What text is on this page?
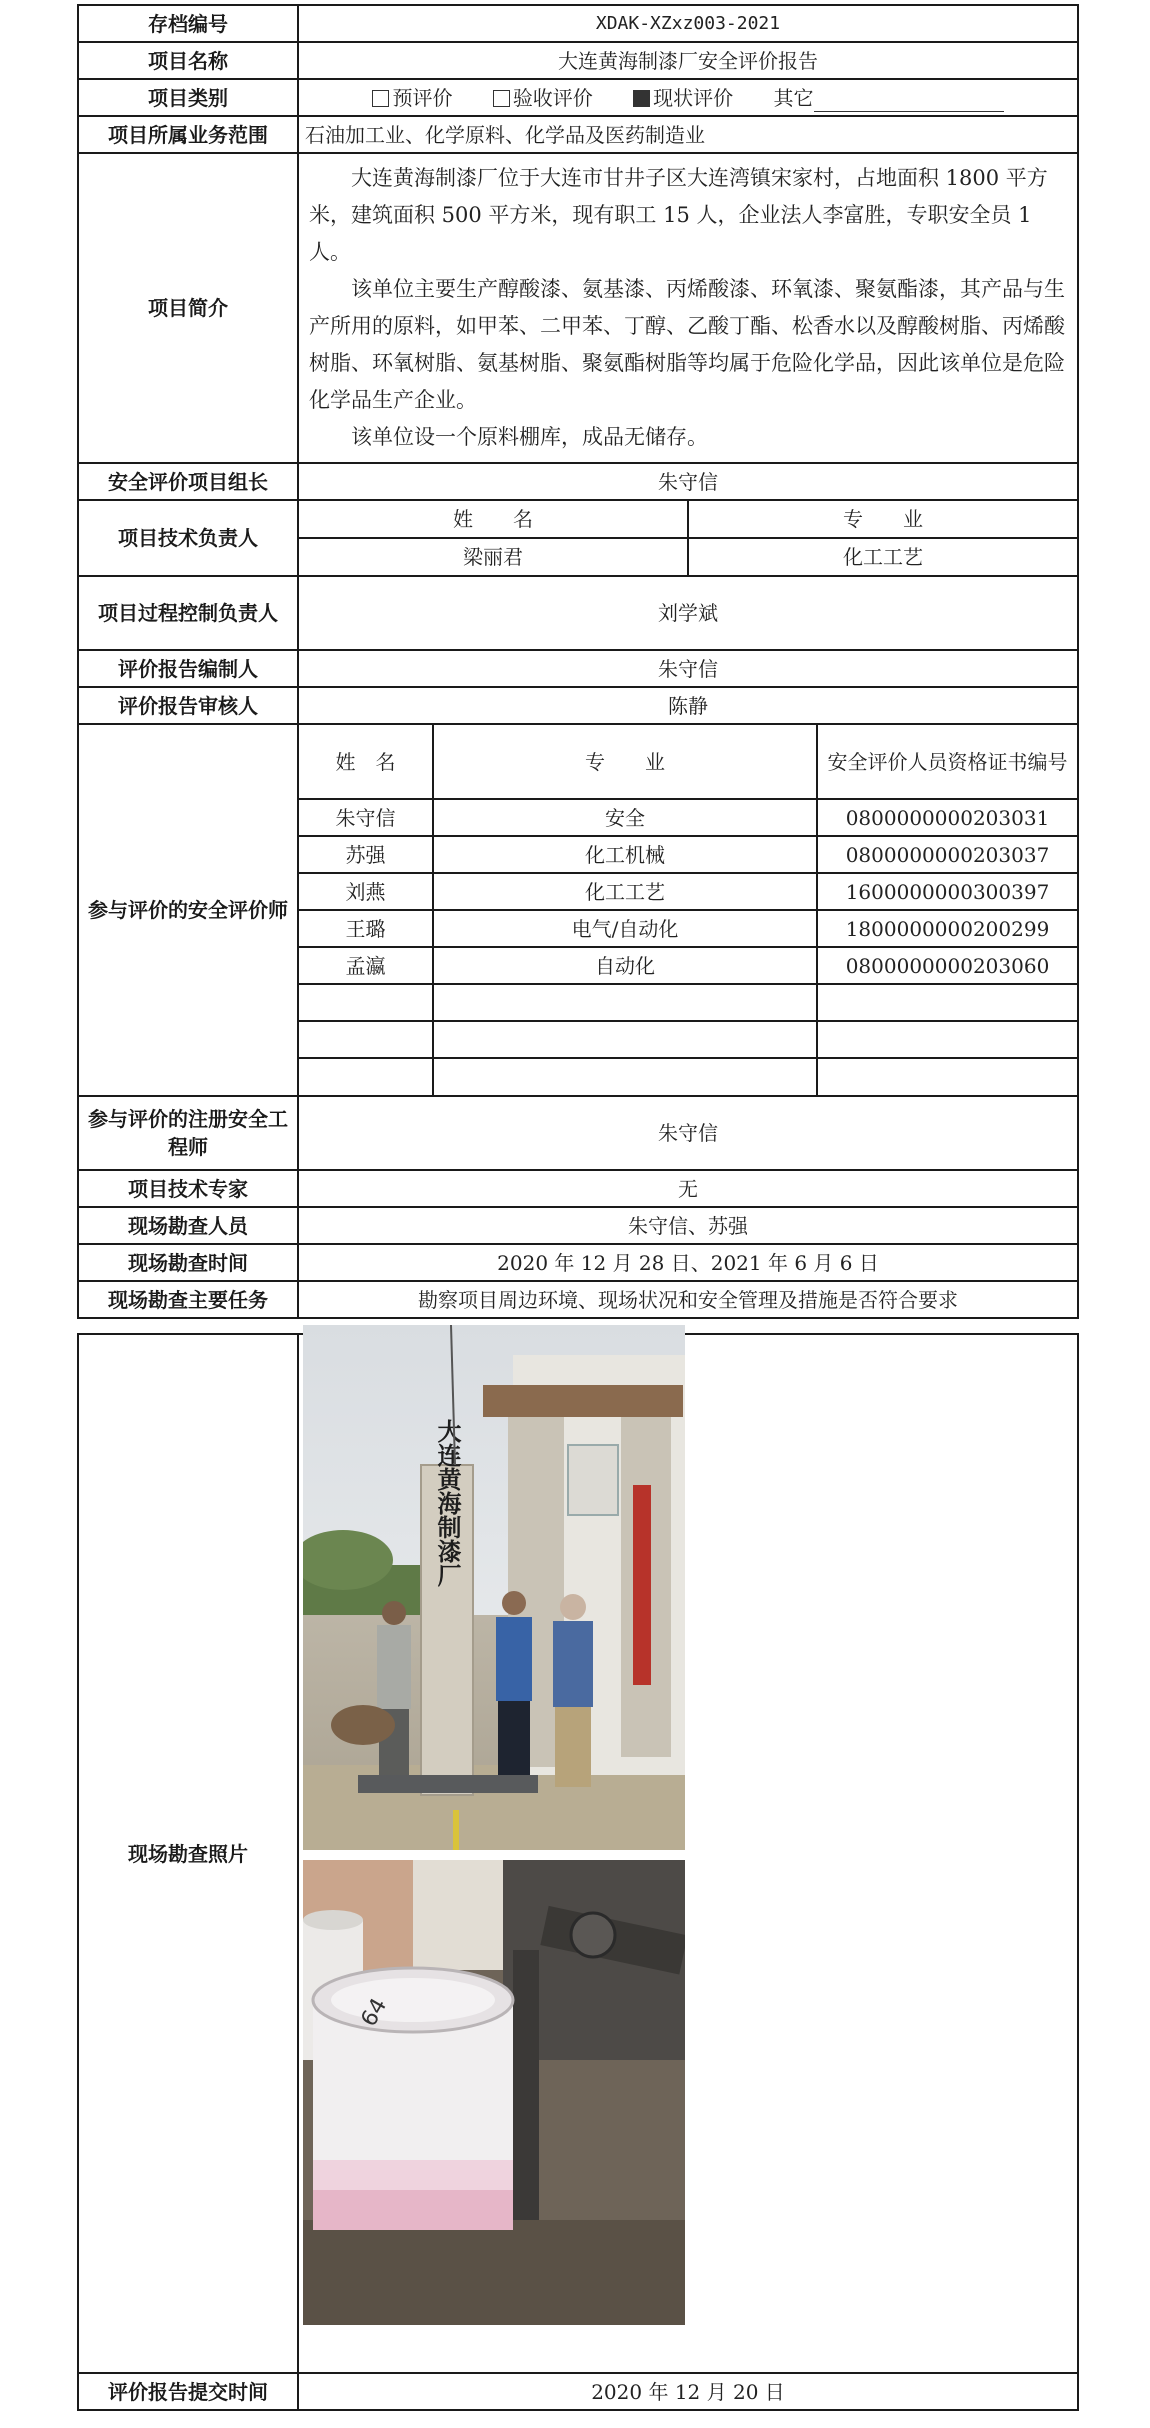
存档编号	XDAK-XZxz003-2021
项目名称	大连黄海制漆厂安全评价报告
项目类别	预评价	验收评价	现状评价 其它
项目所属业务范围	石油加工业、化学原料、化学品及医药制造业
项目简介	

大连黄海制漆厂位于大连市甘井子区大连湾镇宋家村，占地面积 1800 平方米，建筑面积 500 平方米，现有职工 15 人，企业法人李富胜，专职安全员 1 人。

该单位主要生产醇酸漆、氨基漆、丙烯酸漆、环氧漆、聚氨酯漆，其产品与生产所用的原料，如甲苯、二甲苯、丁醇、乙酸丁酯、松香水以及醇酸树脂、丙烯酸树脂、环氧树脂、氨基树脂、聚氨酯树脂等均属于危险化学品，因此该单位是危险化学品生产企业。

该单位设一个原料棚库，成品无储存。

安全评价项目组长	朱守信
项目技术负责人	
姓　　名	专　　业
梁丽君	化工工艺

项目过程控制负责人	刘学斌
评价报告编制人	朱守信
评价报告审核人	陈静
参与评价的安全评价师	
姓　名	专　　业	安全评价人员资格证书编号
朱守信	安全	0800000000203031
苏强	化工机械	0800000000203037
刘燕	化工工艺	1600000000300397
王璐	电气/自动化	1800000000200299
孟瀛	自动化	0800000000203060

参与评价的注册安全工程师	朱守信
项目技术专家	无
现场勘查人员	朱守信、苏强
现场勘查时间	2020 年 12 月 28 日、2021 年 6 月 6 日
现场勘查主要任务	勘察项目周边环境、现场状况和安全管理及措施是否符合要求

现场勘查照片	
评价报告提交时间	2020 年 12 月 20 日
大连黄海制漆厂
64
